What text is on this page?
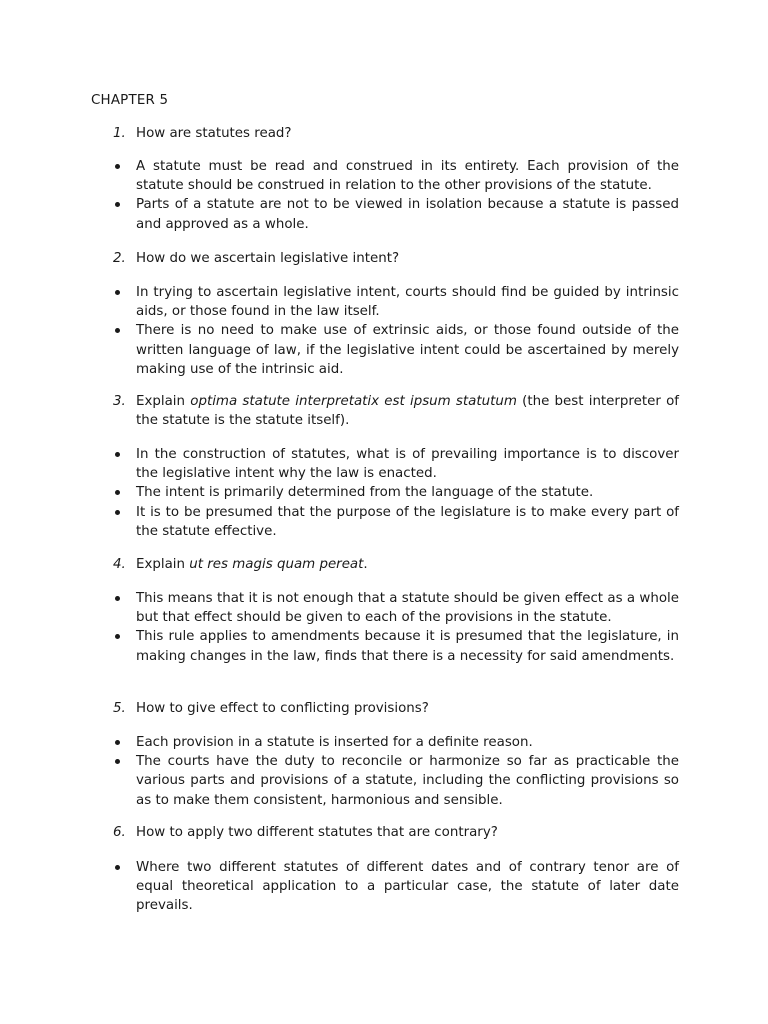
CHAPTER 5
1. How are statutes read?
A statute must be read and construed in its entirety. Each provision of the statute should be construed in relation to the other provisions of the statute.
Parts of a statute are not to be viewed in isolation because a statute is passed and approved as a whole.
2. How do we ascertain legislative intent?
In trying to ascertain legislative intent, courts should find be guided by intrinsic aids, or those found in the law itself.
There is no need to make use of extrinsic aids, or those found outside of the written language of law, if the legislative intent could be ascertained by merely making use of the intrinsic aid.
3. Explain optima statute interpretatix est ipsum statutum (the best interpreter of the statute is the statute itself).
In the construction of statutes, what is of prevailing importance is to discover the legislative intent why the law is enacted.
The intent is primarily determined from the language of the statute.
It is to be presumed that the purpose of the legislature is to make every part of the statute effective.
4. Explain ut res magis quam pereat.
This means that it is not enough that a statute should be given effect as a whole but that effect should be given to each of the provisions in the statute.
This rule applies to amendments because it is presumed that the legislature, in making changes in the law, finds that there is a necessity for said amendments.
5. How to give effect to conflicting provisions?
Each provision in a statute is inserted for a definite reason.
The courts have the duty to reconcile or harmonize so far as practicable the various parts and provisions of a statute, including the conflicting provisions so as to make them consistent, harmonious and sensible.
6. How to apply two different statutes that are contrary?
Where two different statutes of different dates and of contrary tenor are of equal theoretical application to a particular case, the statute of later date prevails.
